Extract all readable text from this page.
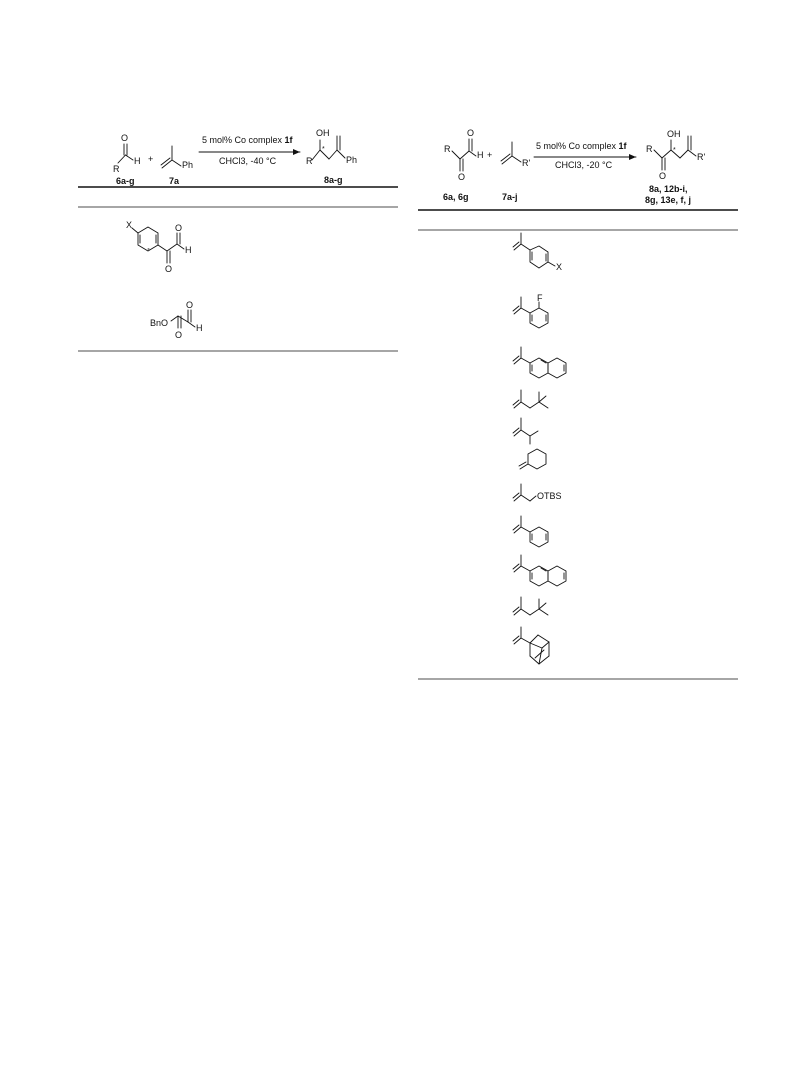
O
R
H
6a-g
+
Ph
7a
5 mol% Co complex 1f
CHCl3, -40 °C
OH
R
*
Ph
8a-g
X	O
H
O
BnO
O
H
O
R
O
H
O
6a, 6g
+
R'
7a-j
5 mol% Co complex 1f
CHCl3, -20 °C
R
OH
*
O
R'
8a, 12b-i,
8g, 13e, f, j
X
F
OTBS
